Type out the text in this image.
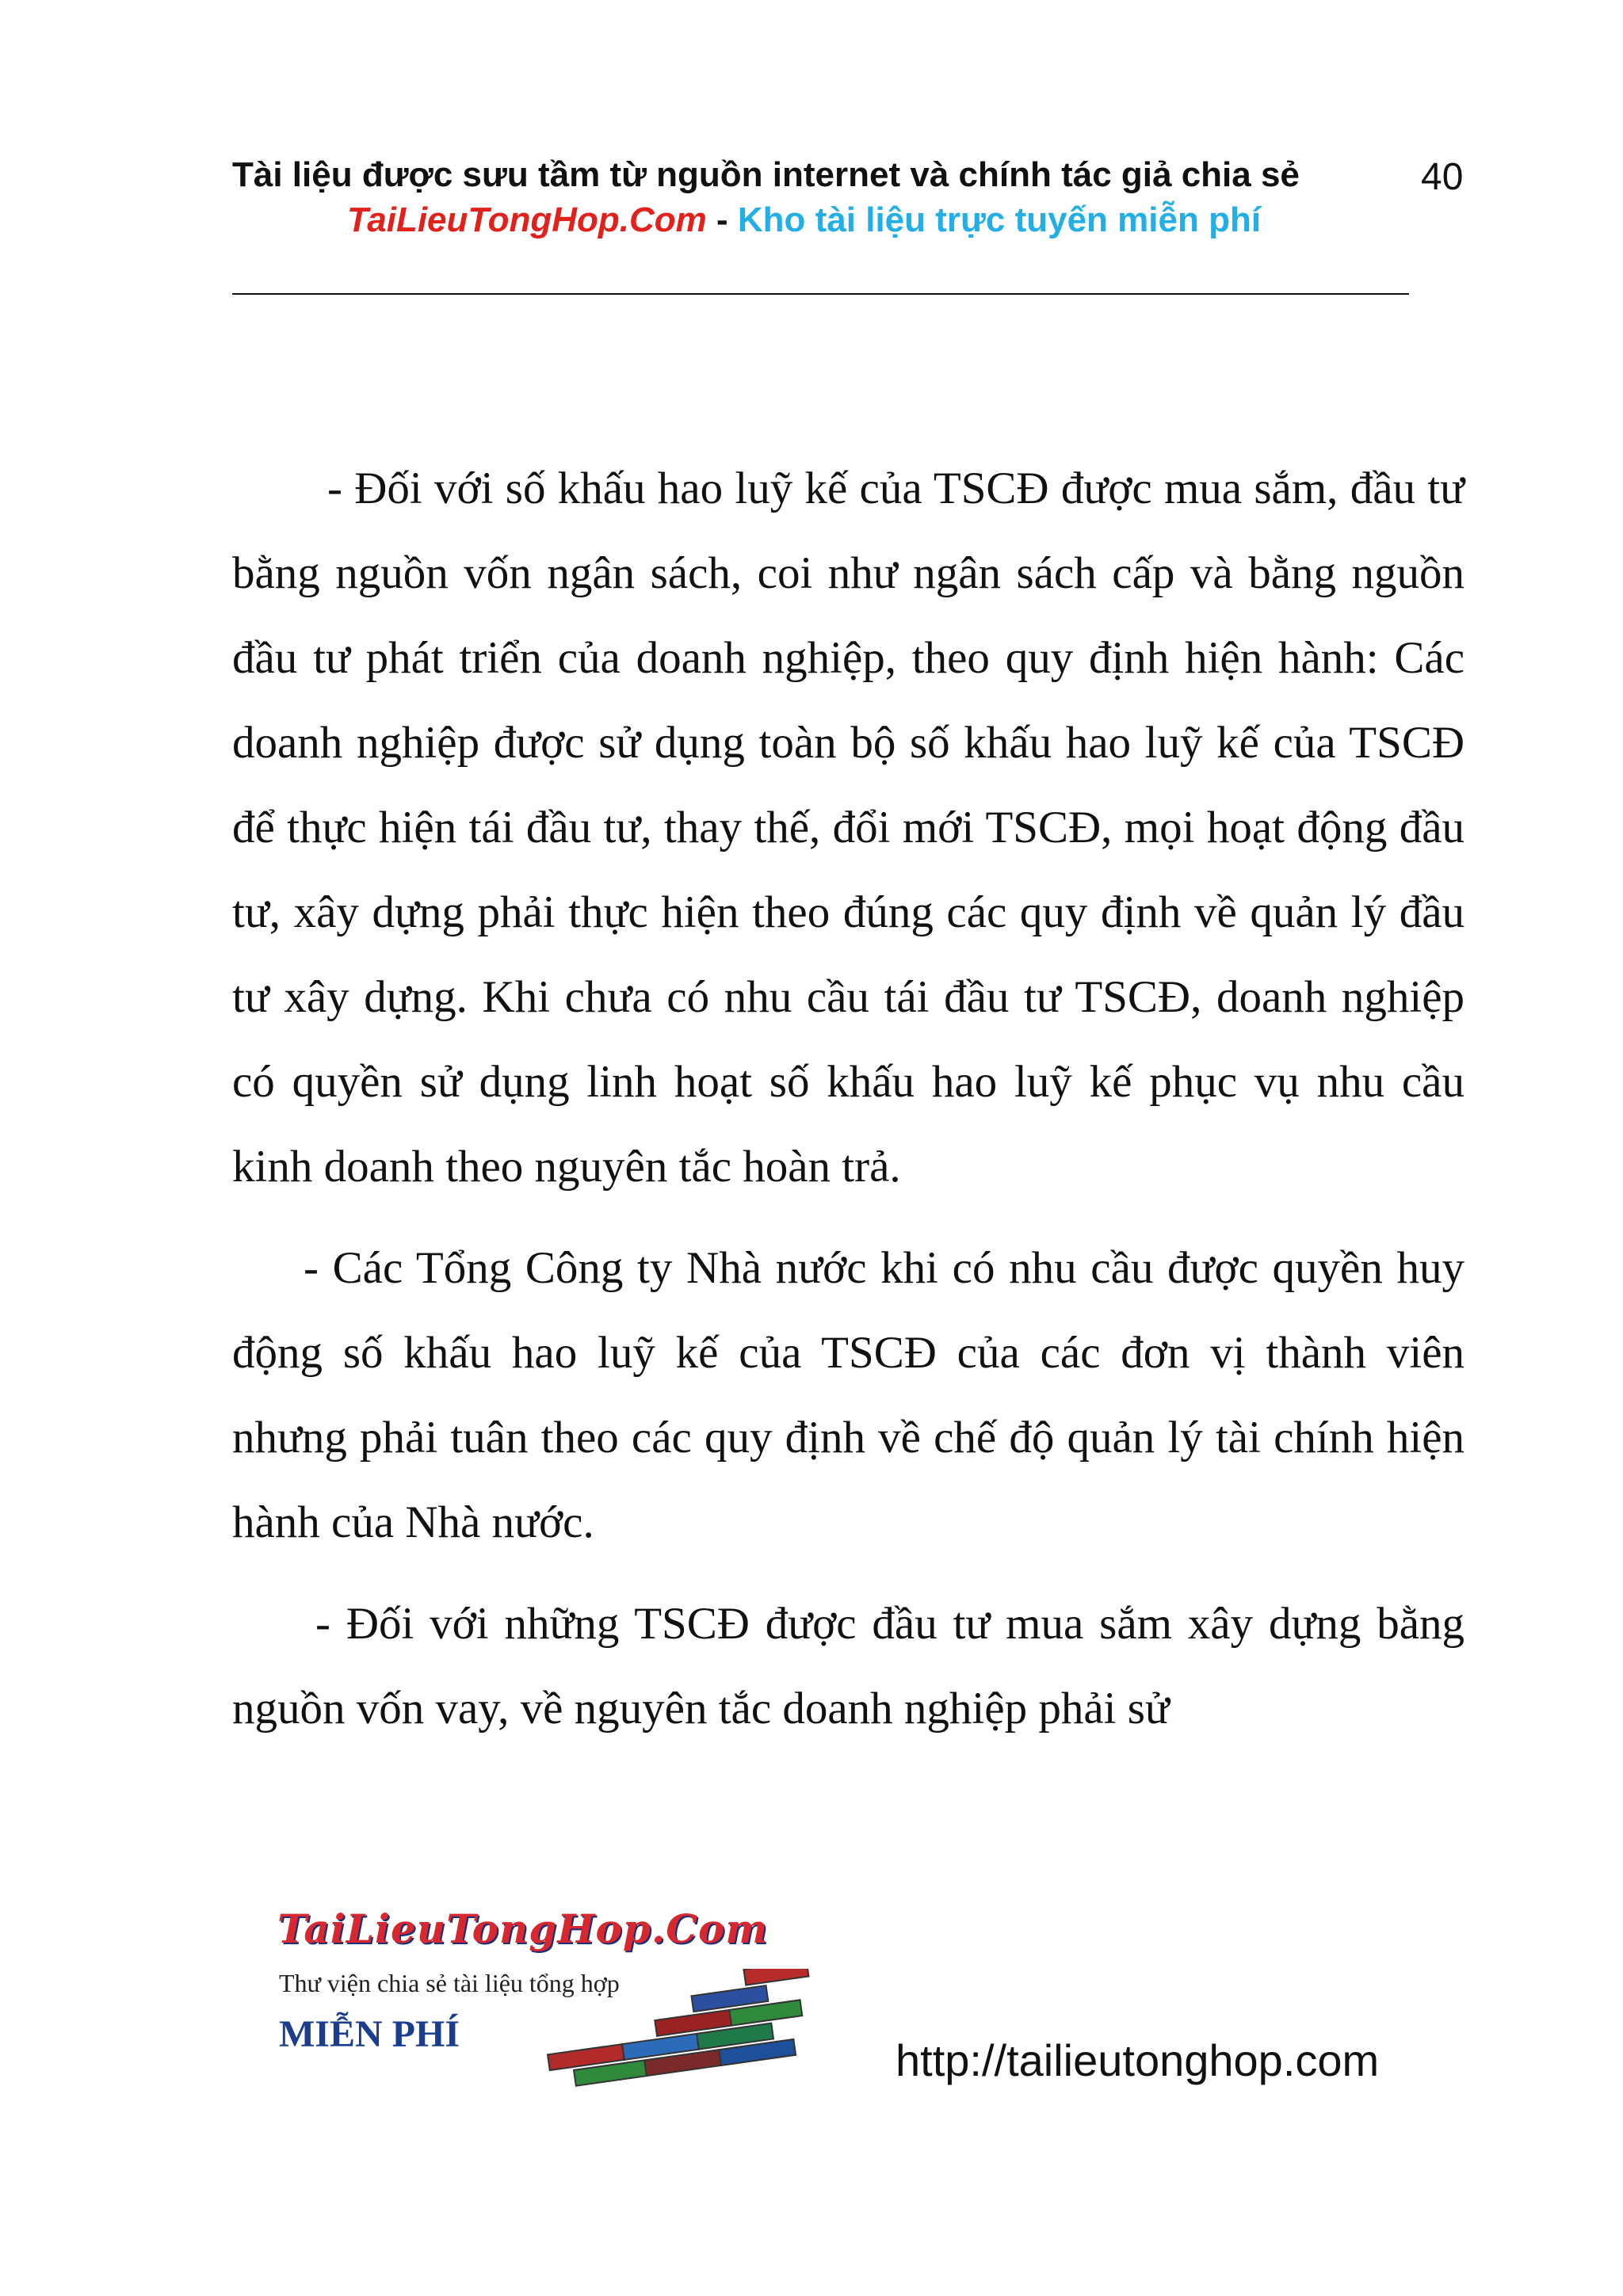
Tài liệu được sưu tầm từ nguồn internet và chính tác giả chia sẻ	40
TaiLieuTongHop.Com - Kho tài liệu trực tuyến miễn phí

- Đối với số khấu hao luỹ kế của TSCĐ được mua sắm, đầu tư bằng nguồn vốn ngân sách, coi như ngân sách cấp và bằng nguồn đầu tư phát triển của doanh nghiệp, theo quy định hiện hành: Các doanh nghiệp được sử dụng toàn bộ số khấu hao luỹ kế của TSCĐ để thực hiện tái đầu tư, thay thế, đổi mới TSCĐ, mọi hoạt động đầu tư, xây dựng phải thực hiện theo đúng các quy định về quản lý đầu tư xây dựng. Khi chưa có nhu cầu tái đầu tư TSCĐ, doanh nghiệp có quyền sử dụng linh hoạt số khấu hao luỹ kế phục vụ nhu cầu kinh doanh theo nguyên tắc hoàn trả.

- Các Tổng Công ty Nhà nước khi có nhu cầu được quyền huy động số khấu hao luỹ kế của TSCĐ của các đơn vị thành viên nhưng phải tuân theo các quy định về chế độ quản lý tài chính hiện hành của Nhà nước.

- Đối với những TSCĐ được đầu tư mua sắm xây dựng bằng nguồn vốn vay, về nguyên tắc doanh nghiệp phải sử

TaiLieuTongHop.Com
Thư viện chia sẻ tài liệu tổng hợp
MIỄN PHÍ
http://tailieutonghop.com
